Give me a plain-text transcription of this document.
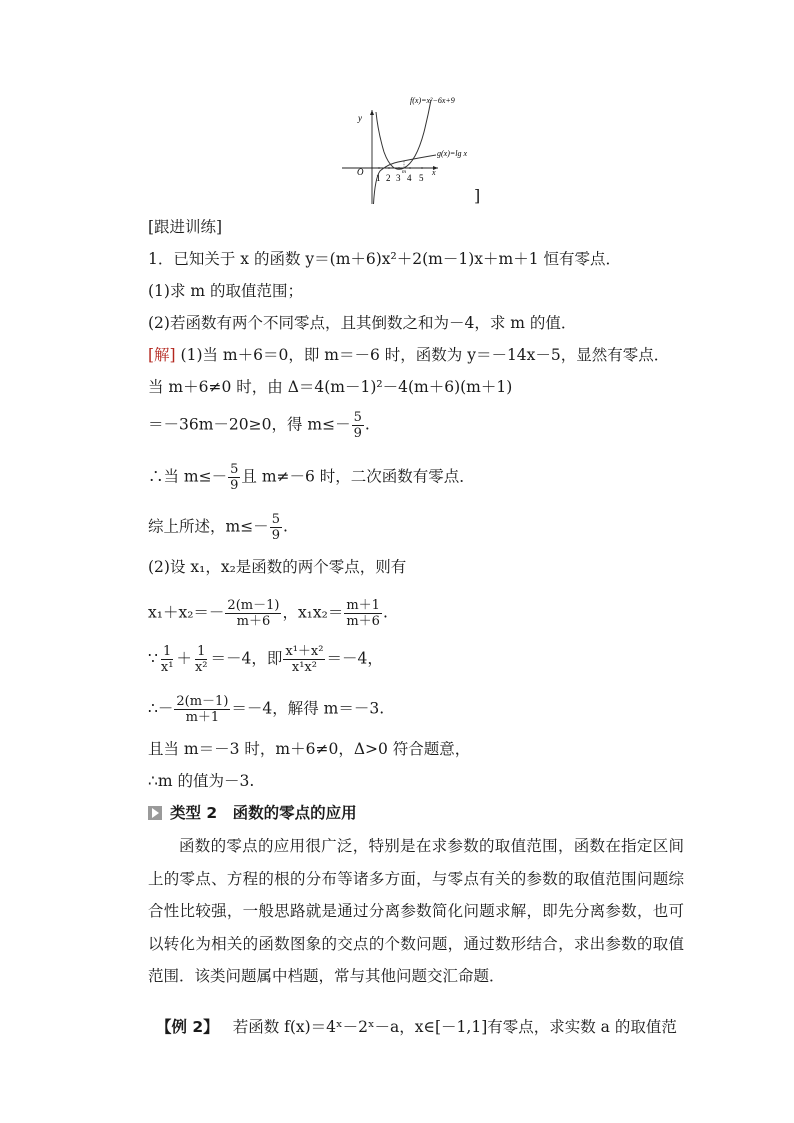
f(x)=x²−6x+9
g(x)=lg x
y
x
O
1 2 3 4 5
m
]
[跟进训练]
1．已知关于 x 的函数 y＝(m＋6)x²＋2(m－1)x＋m＋1 恒有零点．
(1)求 m 的取值范围；
(2)若函数有两个不同零点，且其倒数之和为－4，求 m 的值．
[解] (1)当 m＋6＝0，即 m＝－6 时，函数为 y＝－14x－5，显然有零点．
当 m＋6≠0 时，由 Δ＝4(m－1)²－4(m＋6)(m＋1)
＝－36m－20≥0，得 $m\le- \frac{5}{9}$ .
∴当 $m\le- \frac{5}{9}$ 且 m≠－6 时，二次函数有零点．
综上所述，$m\le- \frac{5}{9}$ .
(2)设 x₁，x₂是函数的两个零点，则有
$x_1+x_2=- \frac{2(m-1)}{m+6}$ ，$x_1x_2= \frac{m+1}{m+6}$ .
∵ $\frac{1}{\text{x¹}} + \frac{1}{\text{x²}} =-4$，即 $\frac{\text{x¹＋x²}}{\text{x¹x²}} =-4$，
∴－ $\frac{2(m-1)}{m+1} =-4$，解得 m＝－3.
且当 m＝－3 时，m＋6≠0，Δ>0 符合题意，
∴m 的值为－3.
类型 2　函数的零点的应用
函数的零点的应用很广泛，特别是在求参数的取值范围，函数在指定区间上的零点、方程的根的分布等诸多方面，与零点有关的参数的取值范围问题综合性比较强，一般思路就是通过分离参数简化问题求解，即先分离参数，也可以转化为相关的函数图象的交点的个数问题，通过数形结合，求出参数的取值范围．该类问题属中档题，常与其他问题交汇命题．
【例 2】 若函数 f(x)＝4ˣ－2ˣ－a，x∈[－1,1]有零点，求实数 a 的取值范
